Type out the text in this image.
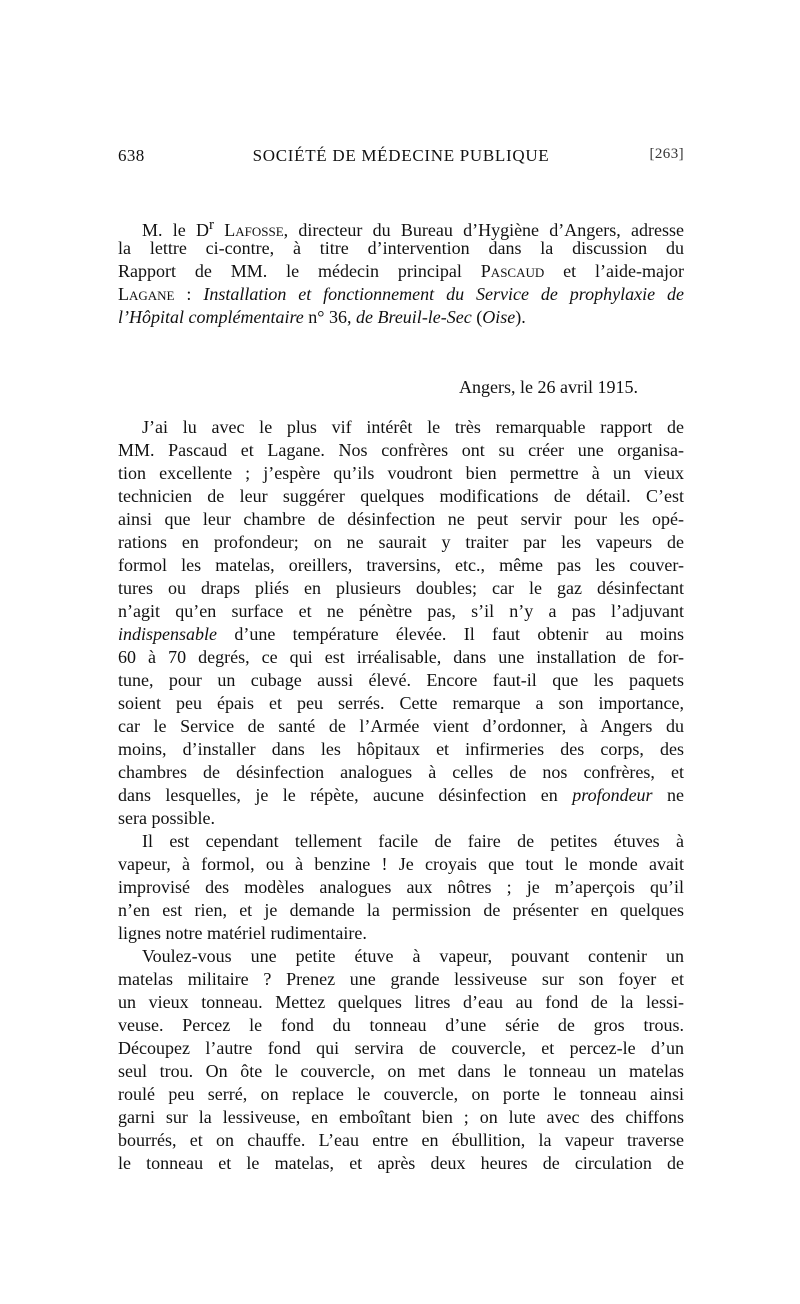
638	SOCIÉTÉ DE MÉDECINE PUBLIQUE	[263]
M. le $D^r$ Lafosse, directeur du Bureau d’Hygiène d’Angers, adresse
la lettre ci-contre, à titre d’intervention dans la discussion du
Rapport de MM. le médecin principal Pascaud et l’aide-major
Lagane : Installation et fonctionnement du Service de prophylaxie de
l’Hôpital complémentaire n° 36, de Breuil-le-Sec (Oise).
Angers, le 26 avril 1915.
J’ai lu avec le plus vif intérêt le très remarquable rapport de
MM. Pascaud et Lagane. Nos confrères ont su créer une organisa-
tion excellente ; j’espère qu’ils voudront bien permettre à un vieux
technicien de leur suggérer quelques modifications de détail. C’est
ainsi que leur chambre de désinfection ne peut servir pour les opé-
rations en profondeur; on ne saurait y traiter par les vapeurs de
formol les matelas, oreillers, traversins, etc., même pas les couver-
tures ou draps pliés en plusieurs doubles; car le gaz désinfectant
n’agit qu’en surface et ne pénètre pas, s’il n’y a pas l’adjuvant
indispensable d’une température élevée. Il faut obtenir au moins
60 à 70 degrés, ce qui est irréalisable, dans une installation de for-
tune, pour un cubage aussi élevé. Encore faut-il que les paquets
soient peu épais et peu serrés. Cette remarque a son importance,
car le Service de santé de l’Armée vient d’ordonner, à Angers du
moins, d’installer dans les hôpitaux et infirmeries des corps, des
chambres de désinfection analogues à celles de nos confrères, et
dans lesquelles, je le répète, aucune désinfection en profondeur ne
sera possible.
Il est cependant tellement facile de faire de petites étuves à
vapeur, à formol, ou à benzine ! Je croyais que tout le monde avait
improvisé des modèles analogues aux nôtres ; je m’aperçois qu’il
n’en est rien, et je demande la permission de présenter en quelques
lignes notre matériel rudimentaire.
Voulez-vous une petite étuve à vapeur, pouvant contenir un
matelas militaire ? Prenez une grande lessiveuse sur son foyer et
un vieux tonneau. Mettez quelques litres d’eau au fond de la lessi-
veuse. Percez le fond du tonneau d’une série de gros trous.
Découpez l’autre fond qui servira de couvercle, et percez-le d’un
seul trou. On ôte le couvercle, on met dans le tonneau un matelas
roulé peu serré, on replace le couvercle, on porte le tonneau ainsi
garni sur la lessiveuse, en emboîtant bien ; on lute avec des chiffons
bourrés, et on chauffe. L’eau entre en ébullition, la vapeur traverse
le tonneau et le matelas, et après deux heures de circulation de
